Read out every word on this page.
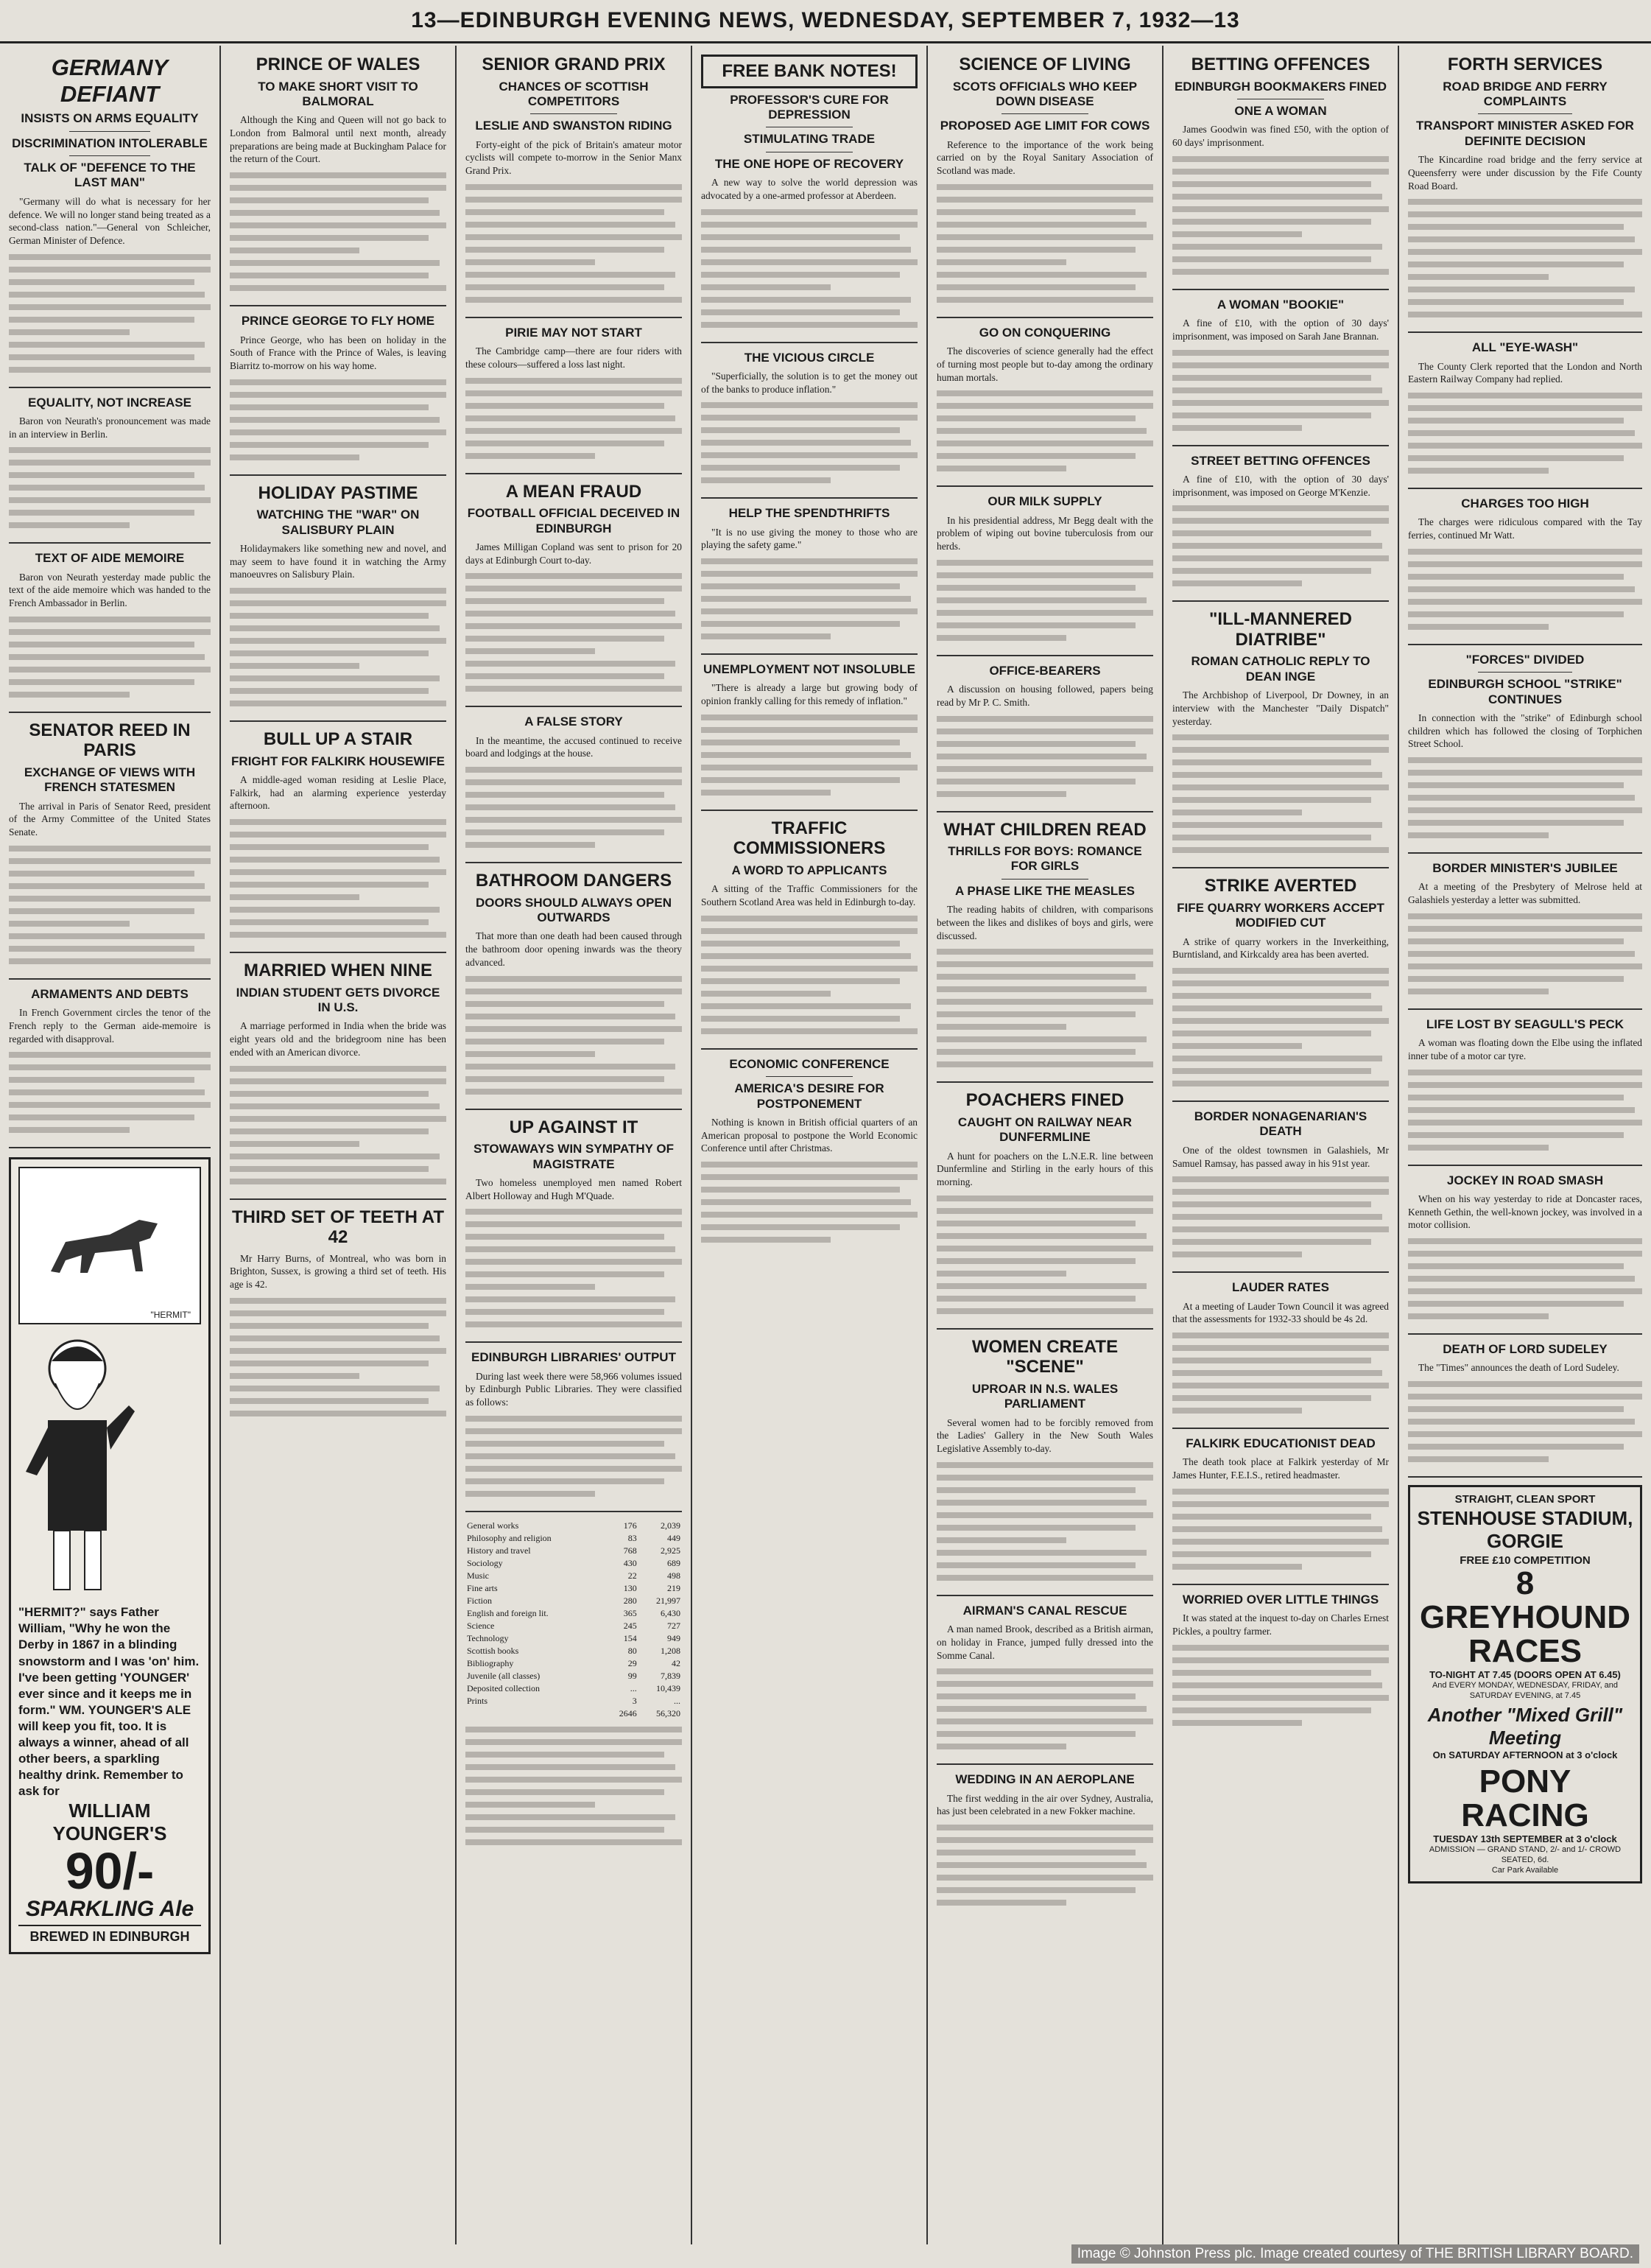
13—EDINBURGH EVENING NEWS, WEDNESDAY, SEPTEMBER 7, 1932—13
GERMANY DEFIANT
INSISTS ON ARMS EQUALITY
DISCRIMINATION INTOLERABLE
TALK OF "DEFENCE TO THE LAST MAN"

"Germany will do what is necessary for her defence. We will no longer stand being treated as a second-class nation."—General von Schleicher, German Minister of Defence.

EQUALITY, NOT INCREASE

Baron von Neurath's pronouncement was made in an interview in Berlin.

TEXT OF AIDE MEMOIRE

Baron von Neurath yesterday made public the text of the aide memoire which was handed to the French Ambassador in Berlin.

SENATOR REED IN PARIS
EXCHANGE OF VIEWS WITH FRENCH STATESMEN

The arrival in Paris of Senator Reed, president of the Army Committee of the United States Senate.

ARMAMENTS AND DEBTS

In French Government circles the tenor of the French reply to the German aide-memoire is regarded with disapproval.

"HERMIT"
"HERMIT?" says Father William, "Why he won the Derby in 1867 in a blinding snowstorm and I was 'on' him. I've been getting 'YOUNGER' ever since and it keeps me in form." WM. YOUNGER'S ALE will keep you fit, too. It is always a winner, ahead of all other beers, a sparkling healthy drink. Remember to ask for
WILLIAM YOUNGER'S
90/-
SPARKLING Ale
BREWED IN EDINBURGH
PRINCE OF WALES
TO MAKE SHORT VISIT TO BALMORAL

Although the King and Queen will not go back to London from Balmoral until next month, already preparations are being made at Buckingham Palace for the return of the Court.

PRINCE GEORGE TO FLY HOME

Prince George, who has been on holiday in the South of France with the Prince of Wales, is leaving Biarritz to-morrow on his way home.

HOLIDAY PASTIME
WATCHING THE "WAR" ON SALISBURY PLAIN

Holidaymakers like something new and novel, and may seem to have found it in watching the Army manoeuvres on Salisbury Plain.

BULL UP A STAIR
FRIGHT FOR FALKIRK HOUSEWIFE

A middle-aged woman residing at Leslie Place, Falkirk, had an alarming experience yesterday afternoon.

MARRIED WHEN NINE
INDIAN STUDENT GETS DIVORCE IN U.S.

A marriage performed in India when the bride was eight years old and the bridegroom nine has been ended with an American divorce.

THIRD SET OF TEETH AT 42

Mr Harry Burns, of Montreal, who was born in Brighton, Sussex, is growing a third set of teeth. His age is 42.

SENIOR GRAND PRIX
CHANCES OF SCOTTISH COMPETITORS
LESLIE AND SWANSTON RIDING

Forty-eight of the pick of Britain's amateur motor cyclists will compete to-morrow in the Senior Manx Grand Prix.

PIRIE MAY NOT START

The Cambridge camp—there are four riders with these colours—suffered a loss last night.

A MEAN FRAUD
FOOTBALL OFFICIAL DECEIVED IN EDINBURGH

James Milligan Copland was sent to prison for 20 days at Edinburgh Court to-day.

A FALSE STORY

In the meantime, the accused continued to receive board and lodgings at the house.

BATHROOM DANGERS
DOORS SHOULD ALWAYS OPEN OUTWARDS

That more than one death had been caused through the bathroom door opening inwards was the theory advanced.

UP AGAINST IT
STOWAWAYS WIN SYMPATHY OF MAGISTRATE

Two homeless unemployed men named Robert Albert Holloway and Hugh M'Quade.

EDINBURGH LIBRARIES' OUTPUT

During last week there were 58,966 volumes issued by Edinburgh Public Libraries. They were classified as follows:

General works	176	2,039
Philosophy and religion	83	449
History and travel	768	2,925
Sociology	430	689
Music	22	498
Fine arts	130	219
Fiction	280	21,997
English and foreign lit.	365	6,430
Science	245	727
Technology	154	949
Scottish books	80	1,208
Bibliography	29	42
Juvenile (all classes)	99	7,839
Deposited collection	...	10,439
Prints	3	...
	2646	56,320
FREE BANK NOTES!
PROFESSOR'S CURE FOR DEPRESSION
STIMULATING TRADE
THE ONE HOPE OF RECOVERY

A new way to solve the world depression was advocated by a one-armed professor at Aberdeen.

THE VICIOUS CIRCLE

"Superficially, the solution is to get the money out of the banks to produce inflation."

HELP THE SPENDTHRIFTS

"It is no use giving the money to those who are playing the safety game."

UNEMPLOYMENT NOT INSOLUBLE

"There is already a large but growing body of opinion frankly calling for this remedy of inflation."

TRAFFIC COMMISSIONERS
A WORD TO APPLICANTS

A sitting of the Traffic Commissioners for the Southern Scotland Area was held in Edinburgh to-day.

ECONOMIC CONFERENCE
AMERICA'S DESIRE FOR POSTPONEMENT

Nothing is known in British official quarters of an American proposal to postpone the World Economic Conference until after Christmas.

SCIENCE OF LIVING
SCOTS OFFICIALS WHO KEEP DOWN DISEASE
PROPOSED AGE LIMIT FOR COWS

Reference to the importance of the work being carried on by the Royal Sanitary Association of Scotland was made.

GO ON CONQUERING

The discoveries of science generally had the effect of turning most people but to-day among the ordinary human mortals.

OUR MILK SUPPLY

In his presidential address, Mr Begg dealt with the problem of wiping out bovine tuberculosis from our herds.

OFFICE-BEARERS

A discussion on housing followed, papers being read by Mr P. C. Smith.

WHAT CHILDREN READ
THRILLS FOR BOYS: ROMANCE FOR GIRLS
A PHASE LIKE THE MEASLES

The reading habits of children, with comparisons between the likes and dislikes of boys and girls, were discussed.

POACHERS FINED
CAUGHT ON RAILWAY NEAR DUNFERMLINE

A hunt for poachers on the L.N.E.R. line between Dunfermline and Stirling in the early hours of this morning.

WOMEN CREATE "SCENE"
UPROAR IN N.S. WALES PARLIAMENT

Several women had to be forcibly removed from the Ladies' Gallery in the New South Wales Legislative Assembly to-day.

AIRMAN'S CANAL RESCUE

A man named Brook, described as a British airman, on holiday in France, jumped fully dressed into the Somme Canal.

WEDDING IN AN AEROPLANE

The first wedding in the air over Sydney, Australia, has just been celebrated in a new Fokker machine.

BETTING OFFENCES
EDINBURGH BOOKMAKERS FINED
ONE A WOMAN

James Goodwin was fined £50, with the option of 60 days' imprisonment.

A WOMAN "BOOKIE"

A fine of £10, with the option of 30 days' imprisonment, was imposed on Sarah Jane Brannan.

STREET BETTING OFFENCES

A fine of £10, with the option of 30 days' imprisonment, was imposed on George M'Kenzie.

"ILL-MANNERED DIATRIBE"
ROMAN CATHOLIC REPLY TO DEAN INGE

The Archbishop of Liverpool, Dr Downey, in an interview with the Manchester "Daily Dispatch" yesterday.

STRIKE AVERTED
FIFE QUARRY WORKERS ACCEPT MODIFIED CUT

A strike of quarry workers in the Inverkeithing, Burntisland, and Kirkcaldy area has been averted.

BORDER NONAGENARIAN'S DEATH

One of the oldest townsmen in Galashiels, Mr Samuel Ramsay, has passed away in his 91st year.

LAUDER RATES

At a meeting of Lauder Town Council it was agreed that the assessments for 1932-33 should be 4s 2d.

FALKIRK EDUCATIONIST DEAD

The death took place at Falkirk yesterday of Mr James Hunter, F.E.I.S., retired headmaster.

WORRIED OVER LITTLE THINGS

It was stated at the inquest to-day on Charles Ernest Pickles, a poultry farmer.

FORTH SERVICES
ROAD BRIDGE AND FERRY COMPLAINTS
TRANSPORT MINISTER ASKED FOR DEFINITE DECISION

The Kincardine road bridge and the ferry service at Queensferry were under discussion by the Fife County Road Board.

ALL "EYE-WASH"

The County Clerk reported that the London and North Eastern Railway Company had replied.

CHARGES TOO HIGH

The charges were ridiculous compared with the Tay ferries, continued Mr Watt.

"FORCES" DIVIDED
EDINBURGH SCHOOL "STRIKE" CONTINUES

In connection with the "strike" of Edinburgh school children which has followed the closing of Torphichen Street School.

BORDER MINISTER'S JUBILEE

At a meeting of the Presbytery of Melrose held at Galashiels yesterday a letter was submitted.

LIFE LOST BY SEAGULL'S PECK

A woman was floating down the Elbe using the inflated inner tube of a motor car tyre.

JOCKEY IN ROAD SMASH

When on his way yesterday to ride at Doncaster races, Kenneth Gethin, the well-known jockey, was involved in a motor collision.

DEATH OF LORD SUDELEY

The "Times" announces the death of Lord Sudeley.

STRAIGHT, CLEAN SPORT
STENHOUSE STADIUM, GORGIE
FREE £10 COMPETITION
8 GREYHOUND RACES
TO-NIGHT AT 7.45 (DOORS OPEN AT 6.45)
And EVERY MONDAY, WEDNESDAY, FRIDAY, and SATURDAY EVENING, at 7.45
Another "Mixed Grill" Meeting
On SATURDAY AFTERNOON at 3 o'clock
PONY RACING
TUESDAY 13th SEPTEMBER at 3 o'clock
ADMISSION — GRAND STAND, 2/- and 1/- CROWD SEATED, 6d.
Car Park Available
Image © Johnston Press plc. Image created courtesy of THE BRITISH LIBRARY BOARD.
